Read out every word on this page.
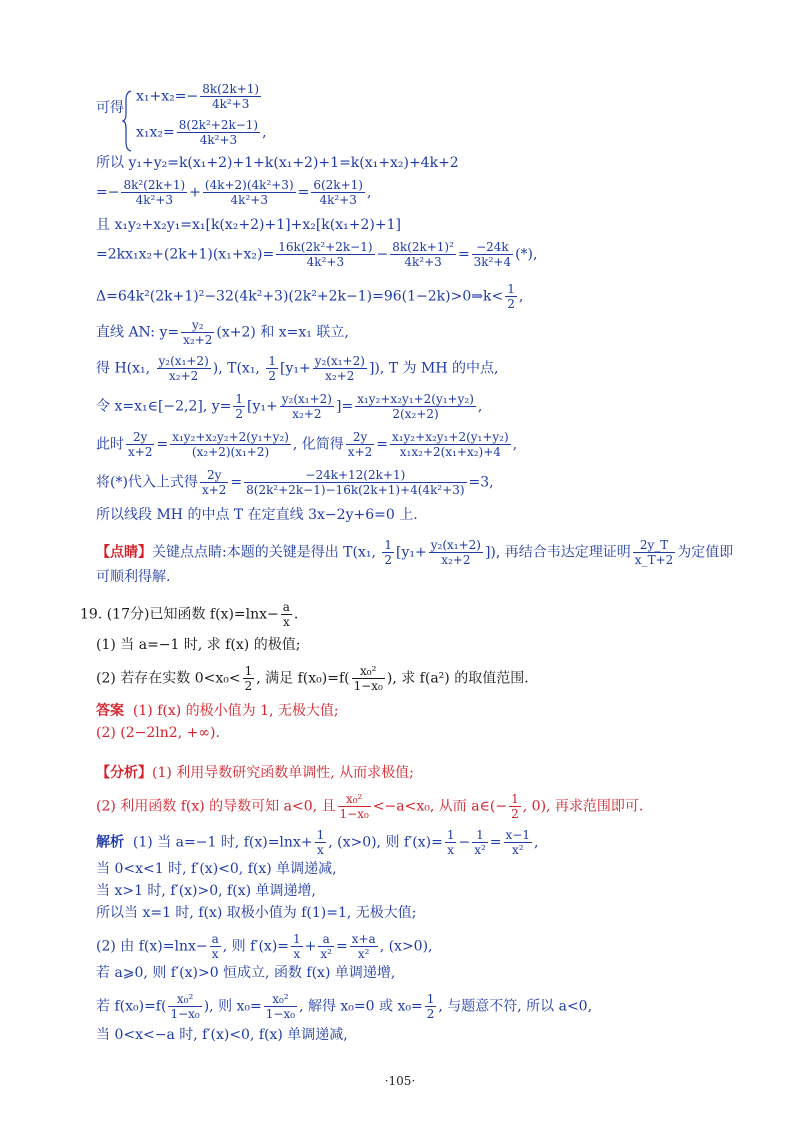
可得
$x_1+x_2=- \frac{8k(2k+1)}{\text{4k²+3}}$
$x_1x_2= \frac{\text{8(2k²+2k−1)}}{\text{4k²+3}}$ ,
所以 y₁+y₂=k(x₁+2)+1+k(x₁+2)+1=k(x₁+x₂)+4k+2
=− $\frac{\text{8k²(2k+1)}}{\text{4k²+3}} + \frac{\text{(4k+2)(4k²+3)}}{\text{4k²+3}} = \frac{6(2k+1)}{\text{4k²+3}}$ ,
且 x₁y₂+x₂y₁=x₁[k(x₂+2)+1]+x₂[k(x₁+2)+1]
$=2kx_1x_2+(2k+1)(x_1+x_2)= \frac{\text{16k(2k²+2k−1)}}{\text{4k²+3}} - \frac{\text{8k(2k+1)²}}{\text{4k²+3}} = \frac{-24k}{\text{3k²+4}}$ (*),
Δ=64k²(2k+1)²−32(4k²+3)(2k²+2k−1)=96(1−2k)>0⇒k< $\frac{1}{2}$ ,
直线 AN: $y= \frac{\text{y₂}}{\text{x₂+2}} (x+2)$ 和 x=x₁ 联立,
得 H(x₁, $\frac{\text{y₂(x₁+2)}}{\text{x₂+2}}$ ), T(x₁, $\frac{1}{2} [y_1+ \frac{\text{y₂(x₁+2)}}{\text{x₂+2}}$ ]), T 为 MH 的中点,
令 x=x₁∈[−2,2], $y= \frac{1}{2} [y_1+ \frac{\text{y₂(x₁+2)}}{\text{x₂+2}}$ ]= $\frac{\text{x₁y₂+x₂y₁+2(y₁+y₂)}}{\text{2(x₂+2)}}$ ,
此时 $\frac{2y}{x+2} = \frac{\text{x₁y₂+x₂y₂+2(y₁+y₂)}}{\text{(x₂+2)(x₁+2)}}$ , 化简得 $\frac{2y}{x+2} = \frac{\text{x₁y₂+x₂y₁+2(y₁+y₂)}}{\text{x₁x₂+2(x₁+x₂)+4}}$ ,
将(*)代入上式得 $\frac{2y}{x+2} = \frac{-24k+12(2k+1)}{\text{8(2k²+2k−1)−16k(2k+1)+4(4k²+3)}} =3$,
所以线段 MH 的中点 T 在定直线 3x−2y+6=0 上.
【点睛】关键点点睛:本题的关键是得出 T(x₁, $\frac{1}{2} [y_1+ \frac{\text{y₂(x₁+2)}}{\text{x₂+2}}$ ]), 再结合韦达定理证明 $\frac{2y\_T}{x\_T+2}$ 为定值即
可顺利得解.
19. (17分)已知函数 $f(x)=\ln x- \frac{a}{x}$ .
(1) 当 a=−1 时, 求 f(x) 的极值;
(2) 若存在实数 $0<x_0< \frac{1}{2}$ , 满足 $f(x_0)=f( \frac{\text{x₀²}}{\text{1−x₀}}$ ), 求 f(a²) 的取值范围.
答案 (1) f(x) 的极小值为 1, 无极大值;
(2) (2−2ln2, +∞).
【分析】(1) 利用导数研究函数单调性, 从而求极值;
(2) 利用函数 f(x) 的导数可知 a<0, 且 $\frac{\text{x₀²}}{\text{1−x₀}} <-a<x_0$, 从而 a∈(− $\frac{1}{2}$ , 0), 再求范围即可.
解析 (1) 当 a=−1 时, $f(x)=\ln x+ \frac{1}{x}$ , (x>0), 则 $f'(x)= \frac{1}{x} - \frac{1}{\text{x²}} = \frac{x-1}{\text{x²}}$ ,
当 0<x<1 时, f′(x)<0, f(x) 单调递减,
当 x>1 时, f′(x)>0, f(x) 单调递增,
所以当 x=1 时, f(x) 取极小值为 f(1)=1, 无极大值;
(2) 由 $f(x)=\ln x- \frac{a}{x}$ , 则 $f'(x)= \frac{1}{x} + \frac{a}{\text{x²}} = \frac{x+a}{\text{x²}}$ , (x>0),
若 a⩾0, 则 f′(x)>0 恒成立, 函数 f(x) 单调递增,
若 $f(x_0)=f( \frac{\text{x₀²}}{\text{1−x₀}}$ ), 则 $x_0= \frac{\text{x₀²}}{\text{1−x₀}}$ , 解得 x₀=0 或 $x_0= \frac{1}{2}$ , 与题意不符, 所以 a<0,
当 0<x<−a 时, f′(x)<0, f(x) 单调递减,
·105·
